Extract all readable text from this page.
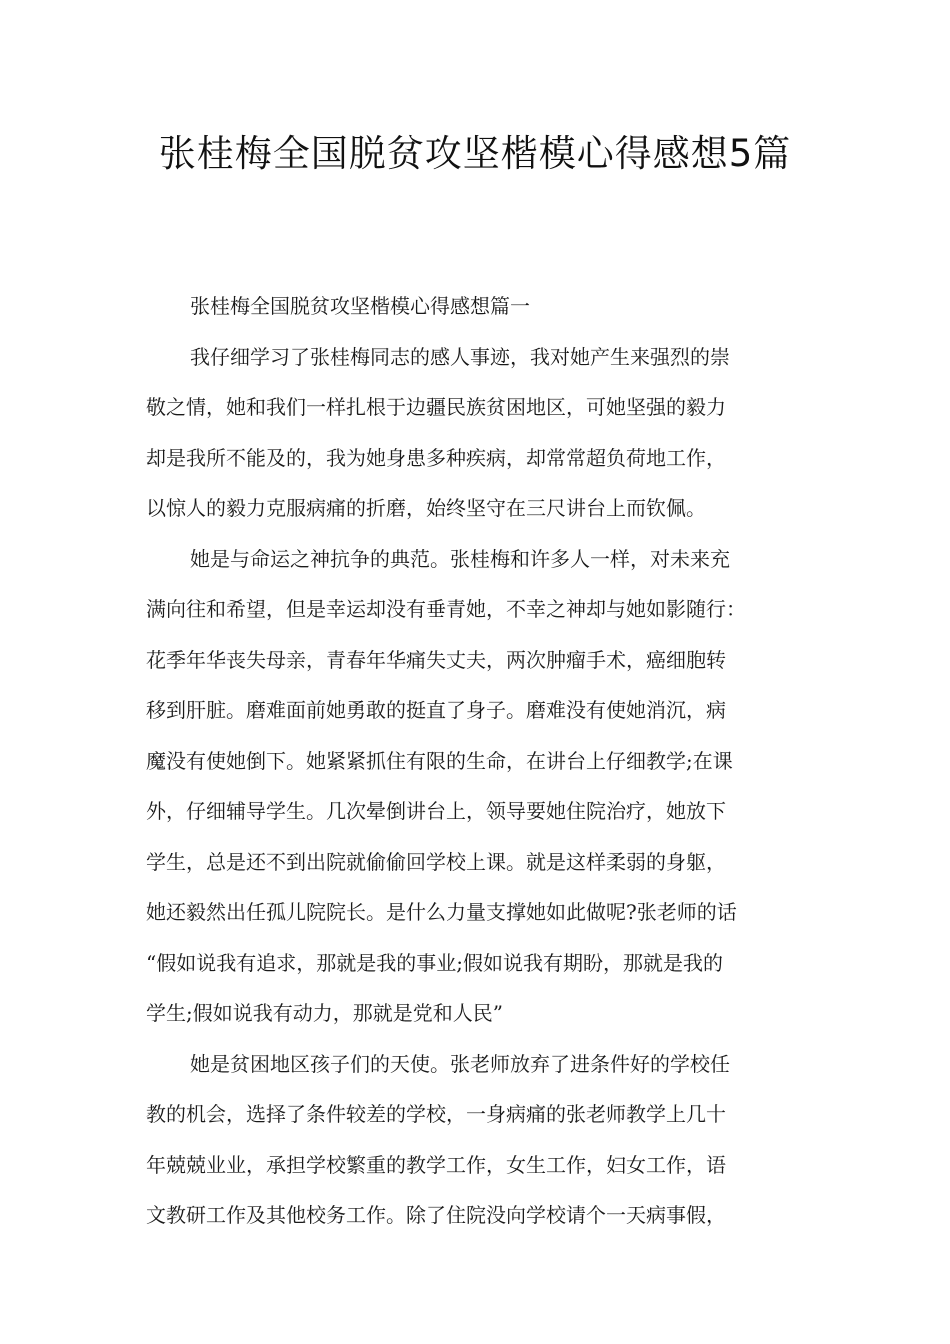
张桂梅全国脱贫攻坚楷模心得感想5篇
张桂梅全国脱贫攻坚楷模心得感想篇一
我仔细学习了张桂梅同志的感人事迹，我对她产生来强烈的崇
敬之情，她和我们一样扎根于边疆民族贫困地区，可她坚强的毅力
却是我所不能及的，我为她身患多种疾病，却常常超负荷地工作，
以惊人的毅力克服病痛的折磨，始终坚守在三尺讲台上而钦佩。
她是与命运之神抗争的典范。张桂梅和许多人一样，对未来充
满向往和希望，但是幸运却没有垂青她，不幸之神却与她如影随行：
花季年华丧失母亲，青春年华痛失丈夫，两次肿瘤手术，癌细胞转
移到肝脏。磨难面前她勇敢的挺直了身子。磨难没有使她消沉，病
魔没有使她倒下。她紧紧抓住有限的生命，在讲台上仔细教学;在课
外，仔细辅导学生。几次晕倒讲台上，领导要她住院治疗，她放下
学生，总是还不到出院就偷偷回学校上课。就是这样柔弱的身躯，
她还毅然出任孤儿院院长。是什么力量支撑她如此做呢?张老师的话
“假如说我有追求，那就是我的事业;假如说我有期盼，那就是我的
学生;假如说我有动力，那就是党和人民”
她是贫困地区孩子们的天使。张老师放弃了进条件好的学校任
教的机会，选择了条件较差的学校，一身病痛的张老师教学上几十
年兢兢业业，承担学校繁重的教学工作，女生工作，妇女工作，语
文教研工作及其他校务工作。除了住院没向学校请个一天病事假，
